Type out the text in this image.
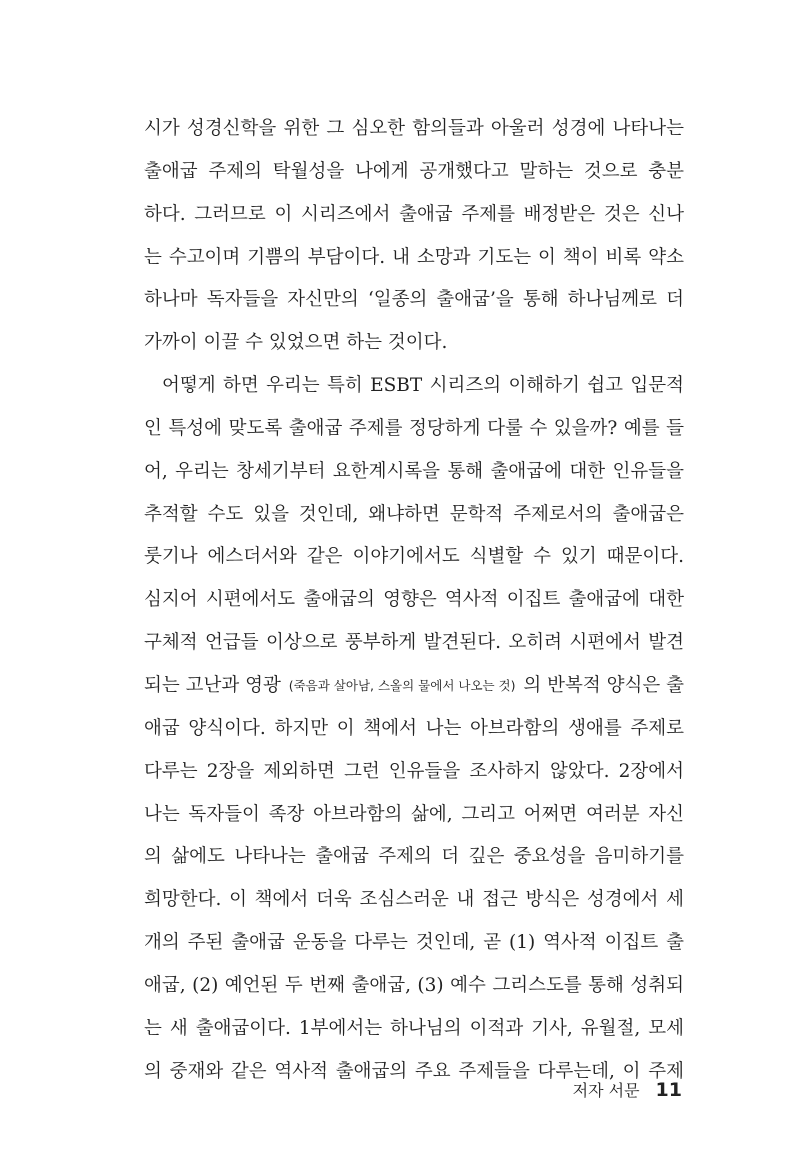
시가 성경신학을 위한 그 심오한 함의들과 아울러 성경에 나타나는
출애굽 주제의 탁월성을 나에게 공개했다고 말하는 것으로 충분
하다. 그러므로 이 시리즈에서 출애굽 주제를 배정받은 것은 신나
는 수고이며 기쁨의 부담이다. 내 소망과 기도는 이 책이 비록 약소
하나마 독자들을 자신만의 ‘일종의 출애굽’을 통해 하나님께로 더
가까이 이끌 수 있었으면 하는 것이다.
어떻게 하면 우리는 특히 ESBT 시리즈의 이해하기 쉽고 입문적
인 특성에 맞도록 출애굽 주제를 정당하게 다룰 수 있을까? 예를 들
어, 우리는 창세기부터 요한계시록을 통해 출애굽에 대한 인유들을
추적할 수도 있을 것인데, 왜냐하면 문학적 주제로서의 출애굽은
룻기나 에스더서와 같은 이야기에서도 식별할 수 있기 때문이다.
심지어 시편에서도 출애굽의 영향은 역사적 이집트 출애굽에 대한
구체적 언급들 이상으로 풍부하게 발견된다. 오히려 시편에서 발견
되는 고난과 영광 (죽음과 살아남, 스올의 물에서 나오는 것) 의 반복적 양식은 출
애굽 양식이다. 하지만 이 책에서 나는 아브라함의 생애를 주제로
다루는 2장을 제외하면 그런 인유들을 조사하지 않았다. 2장에서
나는 독자들이 족장 아브라함의 삶에, 그리고 어쩌면 여러분 자신
의 삶에도 나타나는 출애굽 주제의 더 깊은 중요성을 음미하기를
희망한다. 이 책에서 더욱 조심스러운 내 접근 방식은 성경에서 세
개의 주된 출애굽 운동을 다루는 것인데, 곧 (1) 역사적 이집트 출
애굽, (2) 예언된 두 번째 출애굽, (3) 예수 그리스도를 통해 성취되
는 새 출애굽이다. 1부에서는 하나님의 이적과 기사, 유월절, 모세
의 중재와 같은 역사적 출애굽의 주요 주제들을 다루는데, 이 주제
저자 서문 11
